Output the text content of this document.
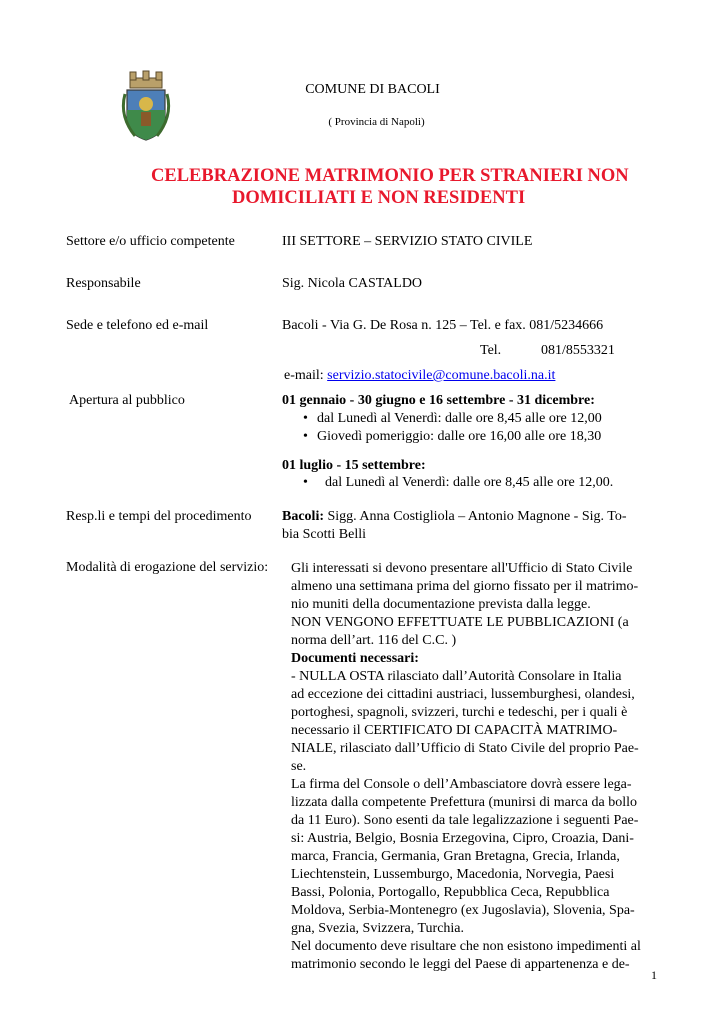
COMUNE DI BACOLI
( Provincia di Napoli)
CELEBRAZIONE MATRIMONIO PER STRANIERI NON
DOMICILIATI E NON RESIDENTI
Settore e/o ufficio competente	III SETTORE – SERVIZIO STATO CIVILE
Responsabile	Sig. Nicola CASTALDO
Sede e telefono ed e-mail	Bacoli - Via G. De Rosa n. 125 – Tel. e fax. 081/5234666
Tel.	081/8553321
e-mail: servizio.statocivile@comune.bacoli.na.it
Apertura al pubblico	01 gennaio - 30 giugno e 16 settembre - 31 dicembre:
• dal Lunedì al Venerdì: dalle ore 8,45 alle ore 12,00
• Giovedì pomeriggio: dalle ore 16,00 alle ore 18,30
01 luglio - 15 settembre:
• dal Lunedì al Venerdì: dalle ore 8,45 alle ore 12,00.
Resp.li e tempi del procedimento Bacoli: Sigg. Anna Costigliola – Antonio Magnone - Sig. To-
bia Scotti Belli
Modalità di erogazione del servizio: Gli interessati si devono presentare all'Ufficio di Stato Civile
almeno una settimana prima del giorno fissato per il matrimo-
nio muniti della documentazione prevista dalla legge.
NON VENGONO EFFETTUATE LE PUBBLICAZIONI (a
norma dell’art. 116 del C.C. )
Documenti necessari:
- NULLA OSTA rilasciato dall’Autorità Consolare in Italia
ad eccezione dei cittadini austriaci, lussemburghesi, olandesi,
portoghesi, spagnoli, svizzeri, turchi e tedeschi, per i quali è
necessario il CERTIFICATO DI CAPACITÀ MATRIMO-
NIALE, rilasciato dall’Ufficio di Stato Civile del proprio Pae-
se.
La firma del Console o dell’Ambasciatore dovrà essere lega-
lizzata dalla competente Prefettura (munirsi di marca da bollo
da 11 Euro). Sono esenti da tale legalizzazione i seguenti Pae-
si: Austria, Belgio, Bosnia Erzegovina, Cipro, Croazia, Dani-
marca, Francia, Germania, Gran Bretagna, Grecia, Irlanda,
Liechtenstein, Lussemburgo, Macedonia, Norvegia, Paesi
Bassi, Polonia, Portogallo, Repubblica Ceca, Repubblica
Moldova, Serbia-Montenegro (ex Jugoslavia), Slovenia, Spa-
gna, Svezia, Svizzera, Turchia.
Nel documento deve risultare che non esistono impedimenti al
matrimonio secondo le leggi del Paese di appartenenza e de-
1
